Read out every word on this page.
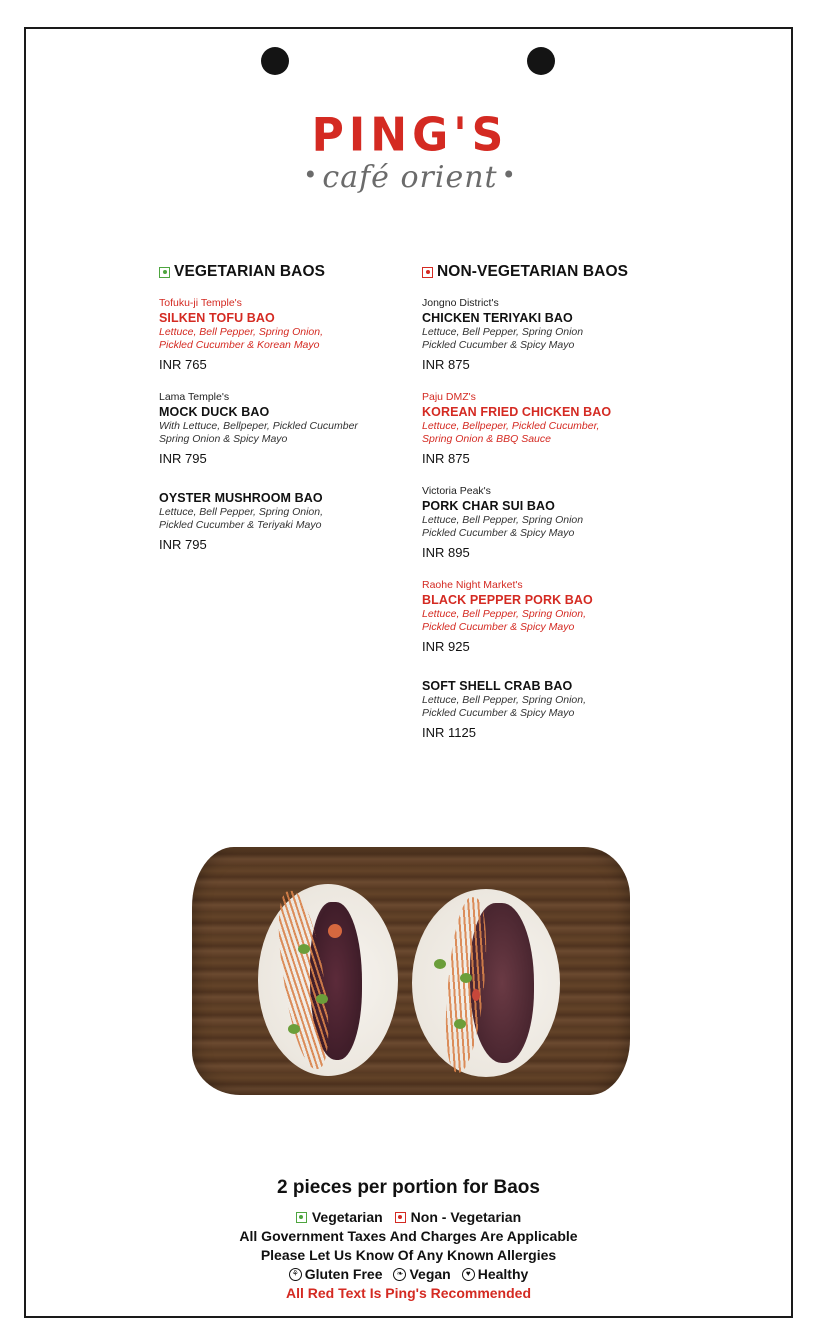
PING'S
• café orient •
VEGETARIAN BAOS
Tofuku-ji Temple's
SILKEN TOFU BAO
Lettuce, Bell Pepper, Spring Onion,
Pickled Cucumber & Korean Mayo
INR 765
Lama Temple's
MOCK DUCK BAO
With Lettuce, Bellpeper, Pickled Cucumber
Spring Onion & Spicy Mayo
INR 795
OYSTER MUSHROOM BAO
Lettuce, Bell Pepper, Spring Onion,
Pickled Cucumber & Teriyaki Mayo
INR 795
NON-VEGETARIAN BAOS
Jongno District's
CHICKEN TERIYAKI BAO
Lettuce, Bell Pepper, Spring Onion
Pickled Cucumber & Spicy Mayo
INR 875
Paju DMZ's
KOREAN FRIED CHICKEN BAO
Lettuce, Bellpeper, Pickled Cucumber,
Spring Onion & BBQ Sauce
INR 875
Victoria Peak's
PORK CHAR SUI BAO
Lettuce, Bell Pepper, Spring Onion
Pickled Cucumber & Spicy Mayo
INR 895
Raohe Night Market's
BLACK PEPPER PORK BAO
Lettuce, Bell Pepper, Spring Onion,
Pickled Cucumber & Spicy Mayo
INR 925
SOFT SHELL CRAB BAO
Lettuce, Bell Pepper, Spring Onion,
Pickled Cucumber & Spicy Mayo
INR 1125
2 pieces per portion for Baos
Vegetarian Non - Vegetarian
All Government Taxes And Charges Are Applicable
Please Let Us Know Of Any Known Allergies
⚘ Gluten Free	❧ Vegan	♥ Healthy
All Red Text Is Ping's Recommended
